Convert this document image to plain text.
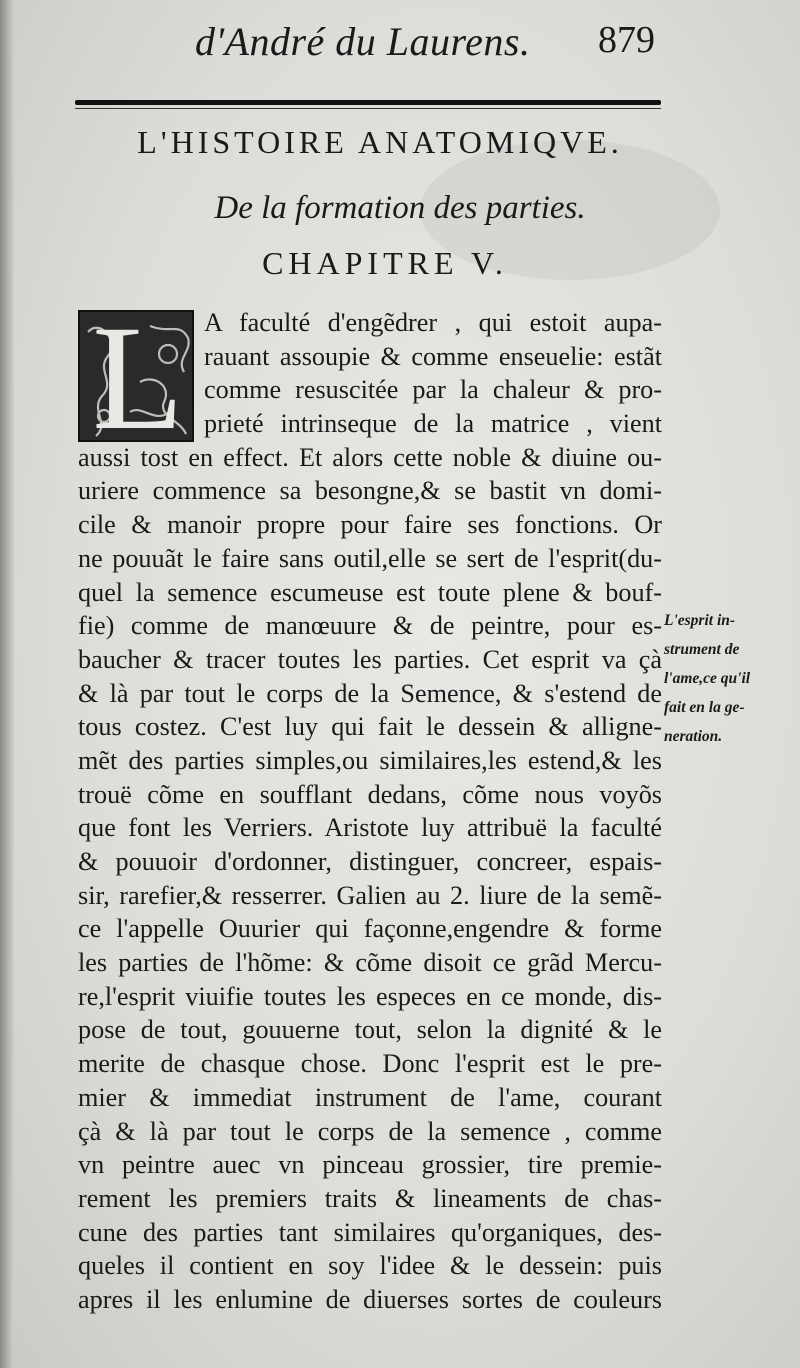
d'André du Laurens. 879
L'HISTOIRE ANATOMIQVE.
De la formation des parties.
CHAPITRE V.
L A faculté d'engẽdrer , qui estoit aupa-
rauant assoupie & comme enseuelie: estãt
comme resuscitée par la chaleur & pro-
prieté intrinseque de la matrice , vient
aussi tost en effect. Et alors cette noble & diuine ou-
uriere commence sa besongne,& se bastit vn domi-
cile & manoir propre pour faire ses fonctions. Or
ne pouuãt le faire sans outil,elle se sert de l'esprit(du-
quel la semence escumeuse est toute plene & bouf-
fie) comme de manœuure & de peintre, pour es-
baucher & tracer toutes les parties. Cet esprit va çà
& là par tout le corps de la Semence, & s'estend de
tous costez. C'est luy qui fait le dessein & alligne-
mẽt des parties simples,ou similaires,les estend,& les
trouë cõme en soufflant dedans, cõme nous voyõs
que font les Verriers. Aristote luy attribuë la faculté
& pouuoir d'ordonner, distinguer, concreer, espais-
sir, rarefier,& resserrer. Galien au 2. liure de la semẽ-
ce l'appelle Ouurier qui façonne,engendre & forme
les parties de l'hõme: & cõme disoit ce grãd Mercu-
re,l'esprit viuifie toutes les especes en ce monde, dis-
pose de tout, gouuerne tout, selon la dignité & le
merite de chasque chose. Donc l'esprit est le pre-
mier & immediat instrument de l'ame, courant
çà & là par tout le corps de la semence , comme
vn peintre auec vn pinceau grossier, tire premie-
rement les premiers traits & lineaments de chas-
cune des parties tant similaires qu'organiques, des-
queles il contient en soy l'idee & le dessein: puis
apres il les enlumine de diuerses sortes de couleurs
L'esprit in-
strument de
l'ame,ce qu'il
fait en la ge-
neration.
